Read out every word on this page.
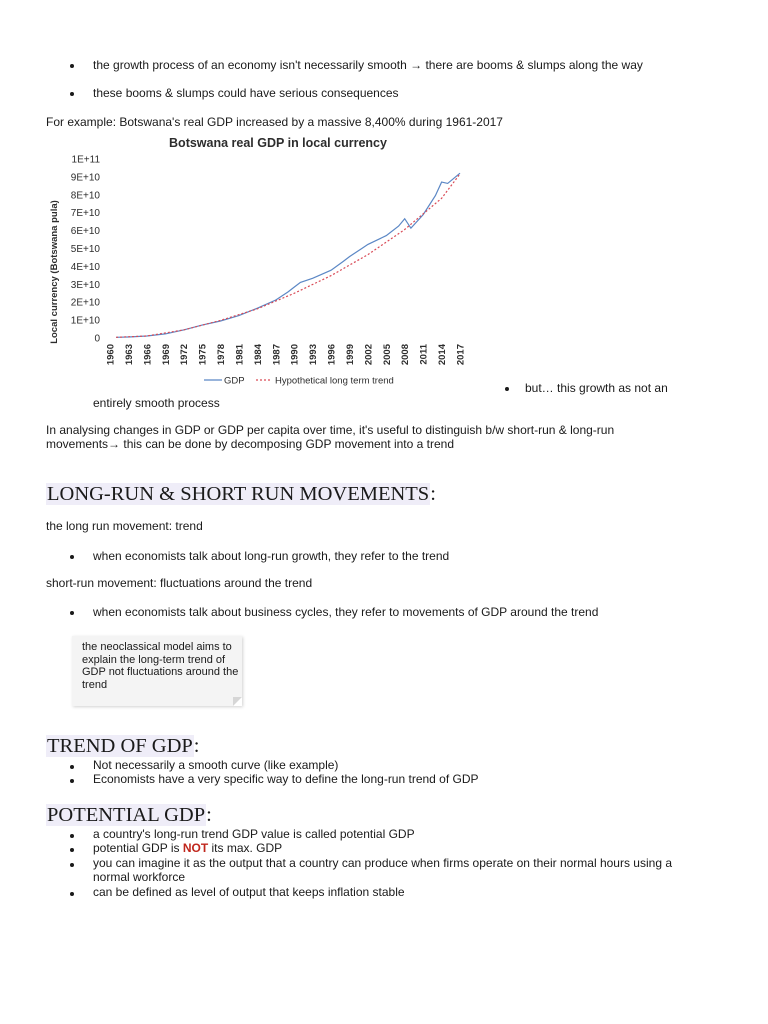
the growth process of an economy isn't necessarily smooth → there are booms & slumps along the way
these booms & slumps could have serious consequences
For example: Botswana's real GDP increased by a massive 8,400% during 1961-2017
Botswana real GDP in local currency
Local currency (Botswana pula)
1E+11
9E+10
8E+10
7E+10
6E+10
5E+10
4E+10
3E+10
2E+10
1E+10
0
1960 1963 1966 1969 1972 1975 1978 1981 1984 1987 1990 1993 1996 1999 2002 2005 2008 2011 2014 2017
GDP	Hypothetical long term trend	but… this growth as not an
entirely smooth process
In analysing changes in GDP or GDP per capita over time, it's useful to distinguish b/w short-run & long-run
movements→ this can be done by decomposing GDP movement into a trend
LONG-RUN & SHORT RUN MOVEMENTS:
the long run movement: trend
when economists talk about long-run growth, they refer to the trend
short-run movement: fluctuations around the trend
when economists talk about business cycles, they refer to movements of GDP around the trend
the neoclassical model aims to explain the long-term trend of GDP not fluctuations around the trend
TREND OF GDP:
Not necessarily a smooth curve (like example)
Economists have a very specific way to define the long-run trend of GDP
POTENTIAL GDP:
a country's long-run trend GDP value is called potential GDP
potential GDP is NOT its max. GDP
you can imagine it as the output that a country can produce when firms operate on their normal hours using a
normal workforce
can be defined as level of output that keeps inflation stable
